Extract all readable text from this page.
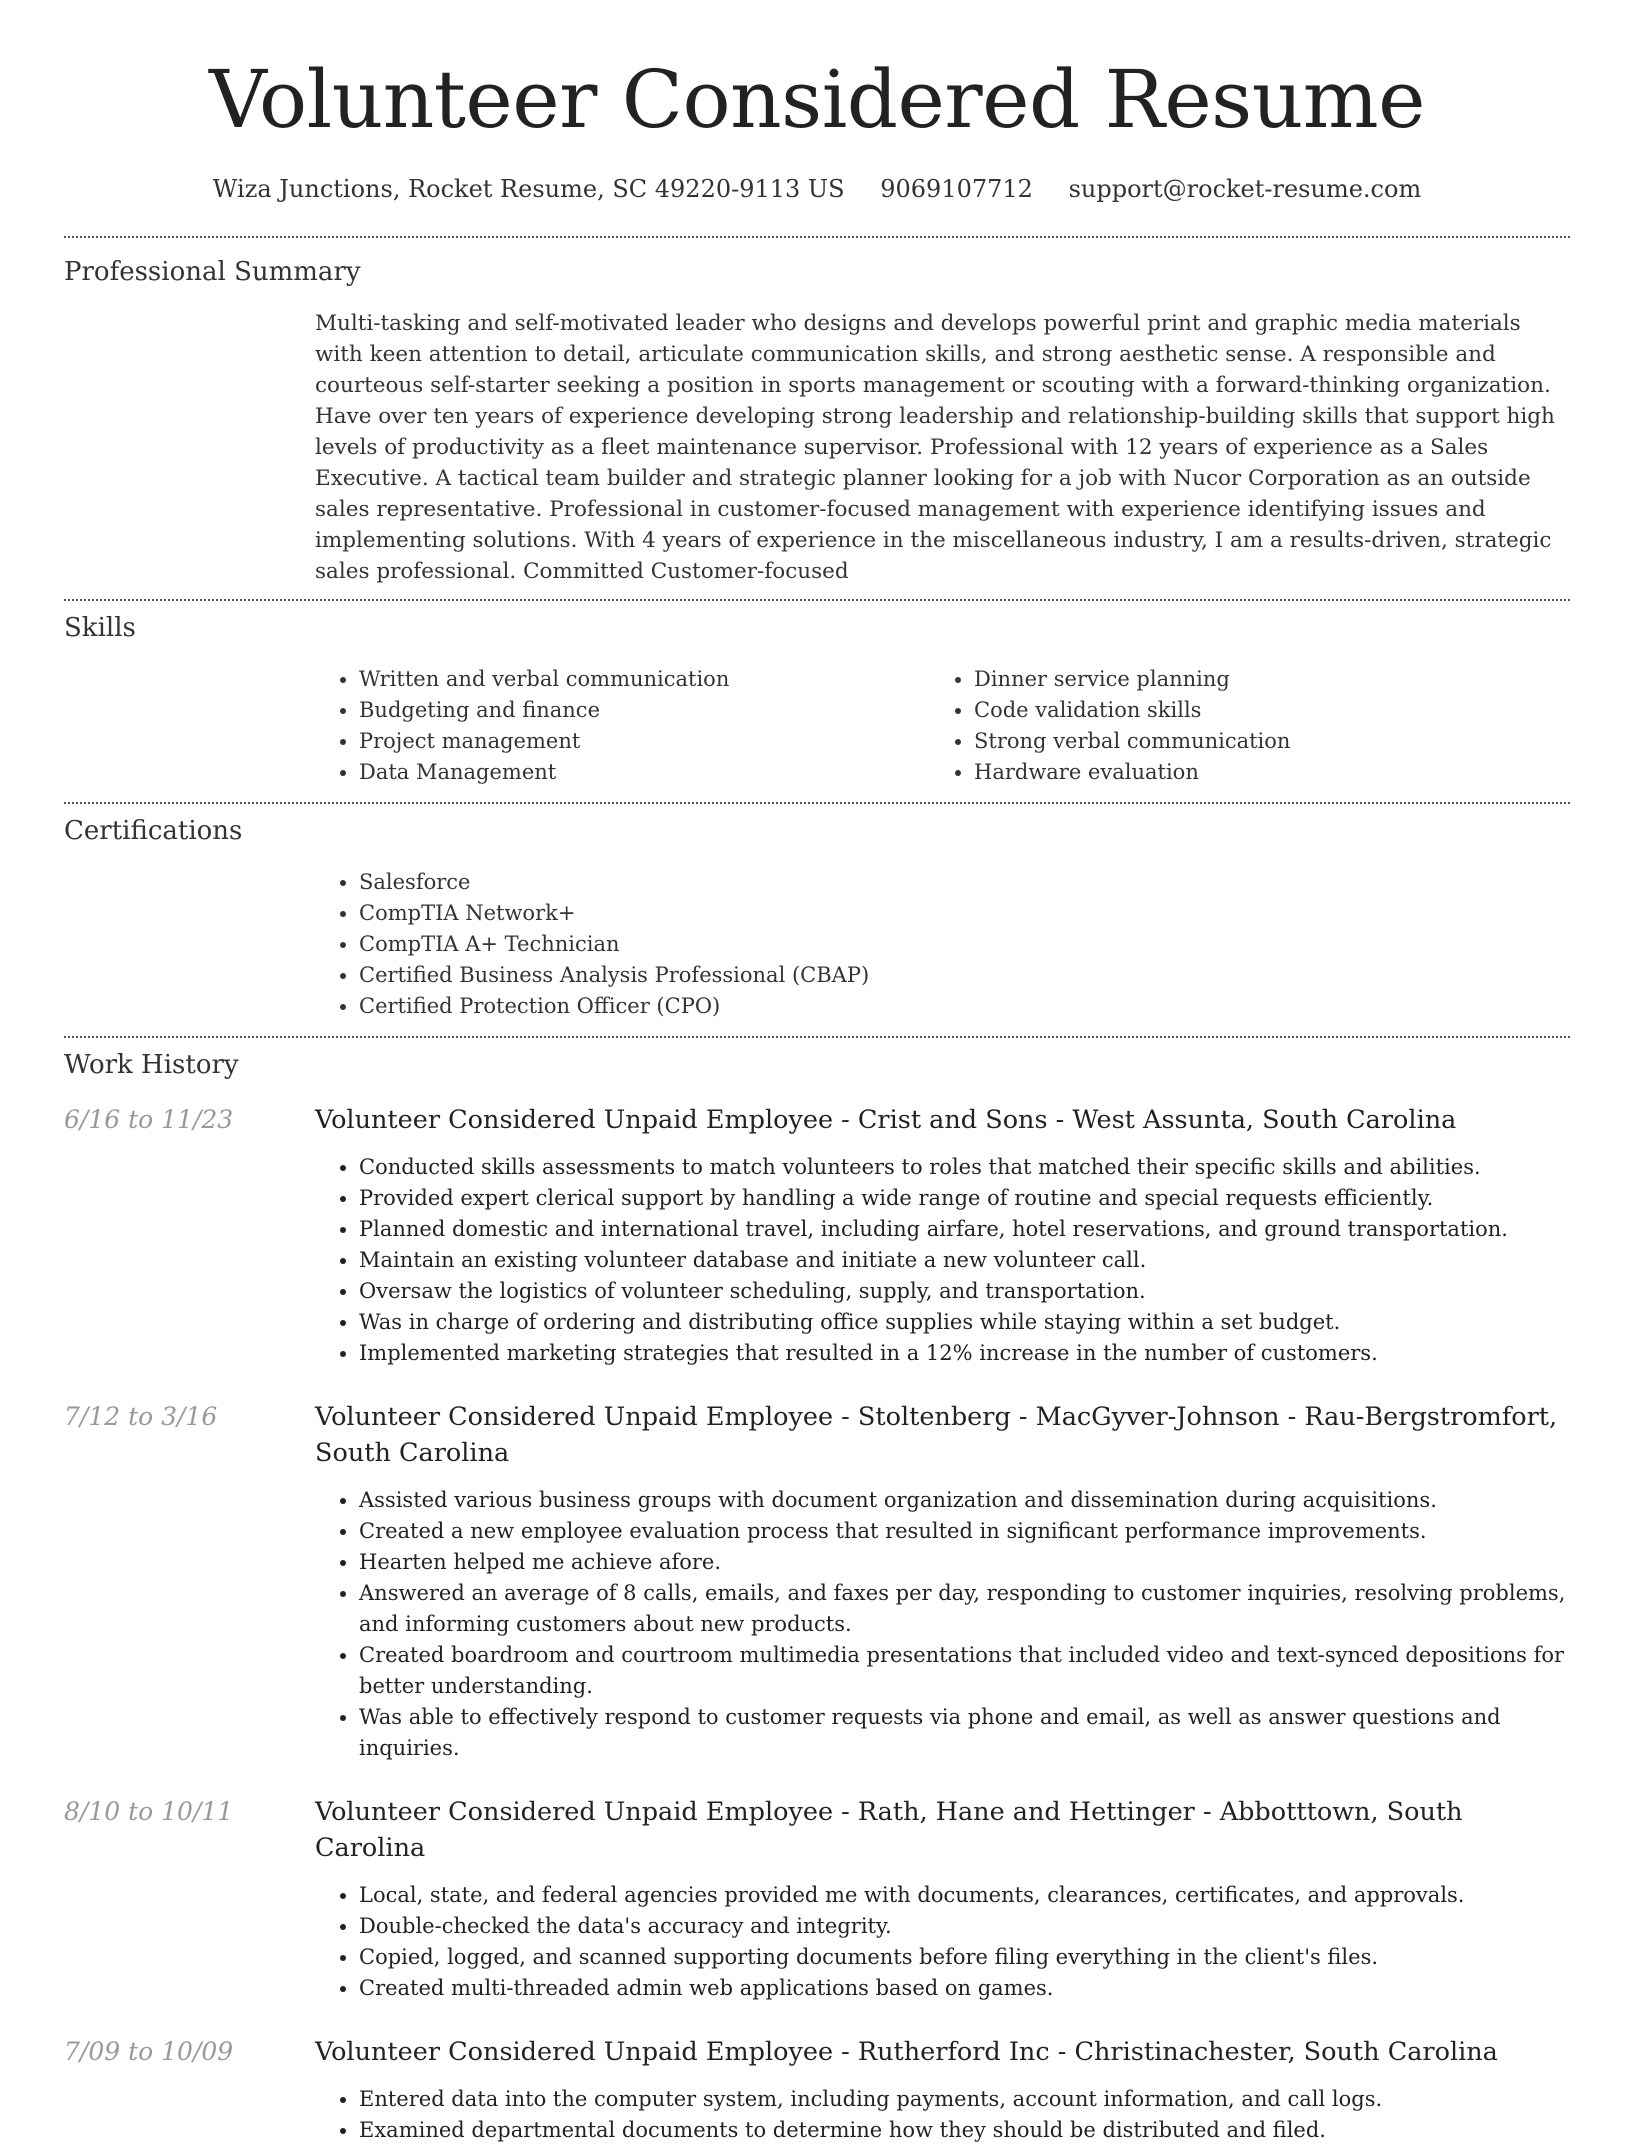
Volunteer Considered Resume
Wiza Junctions, Rocket Resume, SC 49220-9113 US 9069107712 support@rocket-resume.com
Professional Summary

Multi-tasking and self-motivated leader who designs and develops powerful print and graphic media materials with keen attention to detail, articulate communication skills, and strong aesthetic sense. A responsible and courteous self-starter seeking a position in sports management or scouting with a forward-thinking organization. Have over ten years of experience developing strong leadership and relationship-building skills that support high levels of productivity as a fleet maintenance supervisor. Professional with 12 years of experience as a Sales Executive. A tactical team builder and strategic planner looking for a job with Nucor Corporation as an outside sales representative. Professional in customer-focused management with experience identifying issues and implementing solutions. With 4 years of experience in the miscellaneous industry, I am a results-driven, strategic sales professional. Committed Customer-focused

Skills
• Written and verbal communication
• Budgeting and finance
• Project management
• Data Management
• Dinner service planning
• Code validation skills
• Strong verbal communication
• Hardware evaluation
Certifications
• Salesforce
• CompTIA Network+
• CompTIA A+ Technician
• Certified Business Analysis Professional (CBAP)
• Certified Protection Officer (CPO)
Work History
6/16 to 11/23	Volunteer Considered Unpaid Employee - Crist and Sons - West Assunta, South Carolina
• Conducted skills assessments to match volunteers to roles that matched their specific skills and abilities.
• Provided expert clerical support by handling a wide range of routine and special requests efficiently.
• Planned domestic and international travel, including airfare, hotel reservations, and ground transportation.
• Maintain an existing volunteer database and initiate a new volunteer call.
• Oversaw the logistics of volunteer scheduling, supply, and transportation.
• Was in charge of ordering and distributing office supplies while staying within a set budget.
• Implemented marketing strategies that resulted in a 12% increase in the number of customers.
7/12 to 3/16	Volunteer Considered Unpaid Employee - Stoltenberg - MacGyver-Johnson - Rau-Bergstromfort, South Carolina
• Assisted various business groups with document organization and dissemination during acquisitions.
• Created a new employee evaluation process that resulted in significant performance improvements.
• Hearten helped me achieve afore.
• Answered an average of 8 calls, emails, and faxes per day, responding to customer inquiries, resolving problems, and informing customers about new products.
• Created boardroom and courtroom multimedia presentations that included video and text-synced depositions for better understanding.
• Was able to effectively respond to customer requests via phone and email, as well as answer questions and inquiries.
8/10 to 10/11	Volunteer Considered Unpaid Employee - Rath, Hane and Hettinger - Abbotttown, South Carolina
• Local, state, and federal agencies provided me with documents, clearances, certificates, and approvals.
• Double-checked the data's accuracy and integrity.
• Copied, logged, and scanned supporting documents before filing everything in the client's files.
• Created multi-threaded admin web applications based on games.
7/09 to 10/09	Volunteer Considered Unpaid Employee - Rutherford Inc - Christinachester, South Carolina
• Entered data into the computer system, including payments, account information, and call logs.
• Examined departmental documents to determine how they should be distributed and filed.
